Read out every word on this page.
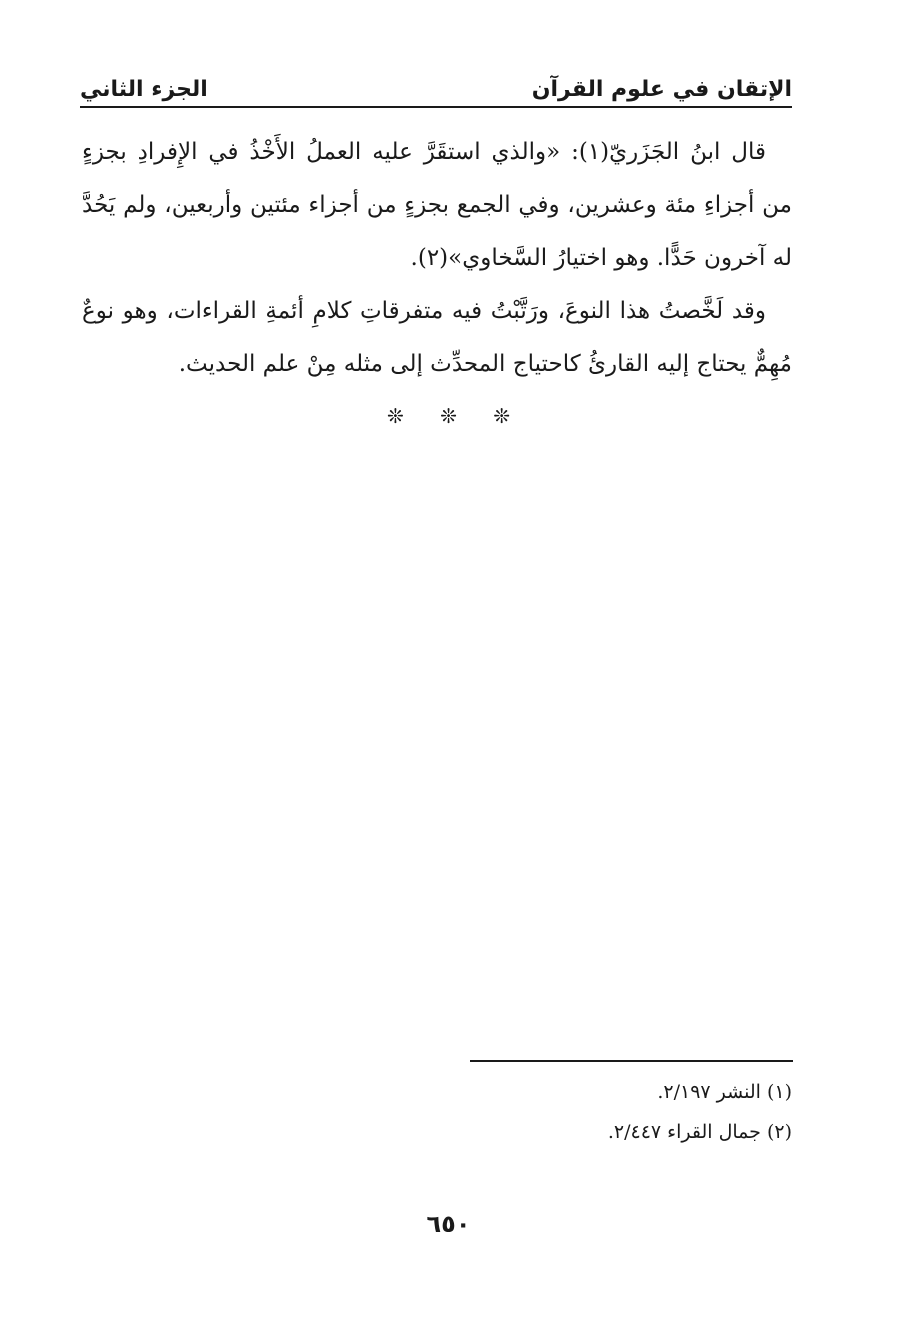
الإتقان في علوم القرآن
الجزء الثاني

قال ابنُ الجَزَريّ(١): «والذي استقَرَّ عليه العملُ الأَخْذُ في الإِفرادِ بجزءٍ من أجزاءِ مئة وعشرين، وفي الجمع بجزءٍ من أجزاء مئتين وأربعين، ولم يَحُدَّ له آخرون حَدًّا. وهو اختيارُ السَّخاوي»(٢).

وقد لَخَّصتُ هذا النوعَ، ورَتَّبْتُ فيه متفرقاتِ كلامِ أئمةِ القراءات، وهو نوعٌ مُهِمٌّ يحتاج إليه القارئُ كاحتياج المحدِّث إلى مثله مِنْ علم الحديث.

❊ ❊ ❊

(١) النشر ٢/١٩٧.

(٢) جمال القراء ٢/٤٤٧.

٦٥٠
